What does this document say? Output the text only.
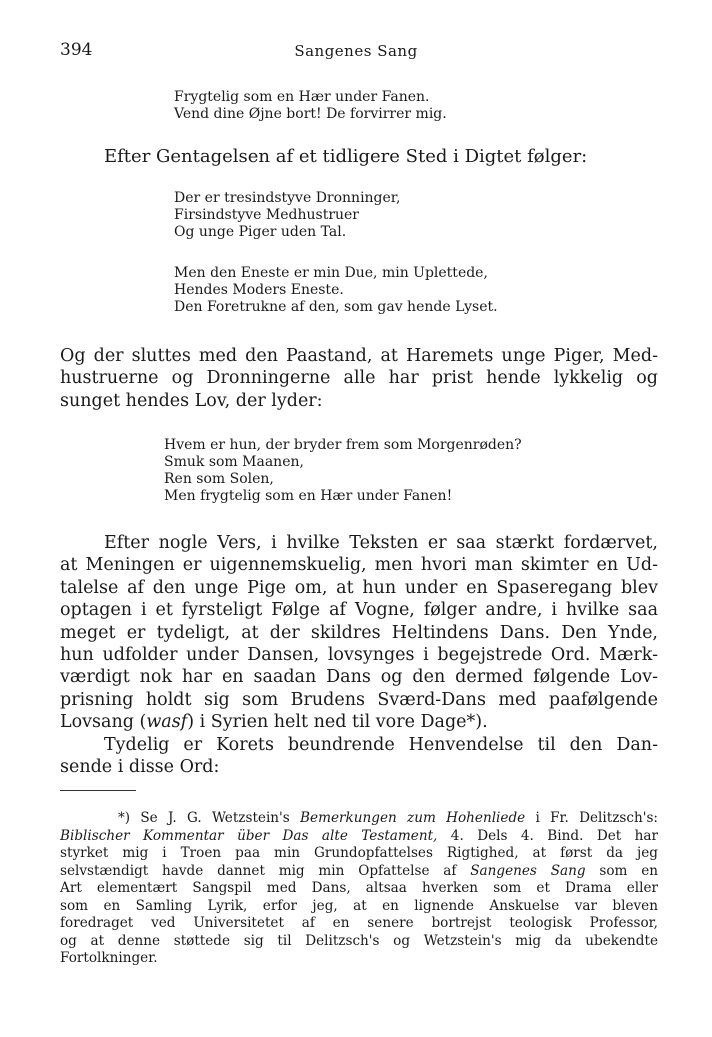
394	Sangenes Sang
Frygtelig som en Hær under Fanen.
Vend dine Øjne bort! De forvirrer mig.
Efter Gentagelsen af et tidligere Sted i Digtet følger:
Der er tresindstyve Dronninger,
Firsindstyve Medhustruer
Og unge Piger uden Tal.
Men den Eneste er min Due, min Uplettede,
Hendes Moders Eneste.
Den Foretrukne af den, som gav hende Lyset.
Og der sluttes med den Paastand, at Haremets unge Piger, Med-
hustruerne og Dronningerne alle har prist hende lykkelig og
sunget hendes Lov, der lyder:
Hvem er hun, der bryder frem som Morgenrøden?
Smuk som Maanen,
Ren som Solen,
Men frygtelig som en Hær under Fanen!
Efter nogle Vers, i hvilke Teksten er saa stærkt fordærvet,
at Meningen er uigennemskuelig, men hvori man skimter en Ud-
talelse af den unge Pige om, at hun under en Spaseregang blev
optagen i et fyrsteligt Følge af Vogne, følger andre, i hvilke saa
meget er tydeligt, at der skildres Heltindens Dans. Den Ynde,
hun udfolder under Dansen, lovsynges i begejstrede Ord. Mærk-
værdigt nok har en saadan Dans og den dermed følgende Lov-
prisning holdt sig som Brudens Sværd-Dans med paafølgende
Lovsang (wasf) i Syrien helt ned til vore Dage*).
Tydelig er Korets beundrende Henvendelse til den Dan-
sende i disse Ord:
*) Se J. G. Wetzstein's Bemerkungen zum Hohenliede i Fr. Delitzsch's:
Biblischer Kommentar über Das alte Testament, 4. Dels 4. Bind. Det har
styrket mig i Troen paa min Grundopfattelses Rigtighed, at først da jeg
selvstændigt havde dannet mig min Opfattelse af Sangenes Sang som en
Art elementært Sangspil med Dans, altsaa hverken som et Drama eller
som en Samling Lyrik, erfor jeg, at en lignende Anskuelse var bleven
foredraget ved Universitetet af en senere bortrejst teologisk Professor,
og at denne støttede sig til Delitzsch's og Wetzstein's mig da ubekendte
Fortolkninger.
